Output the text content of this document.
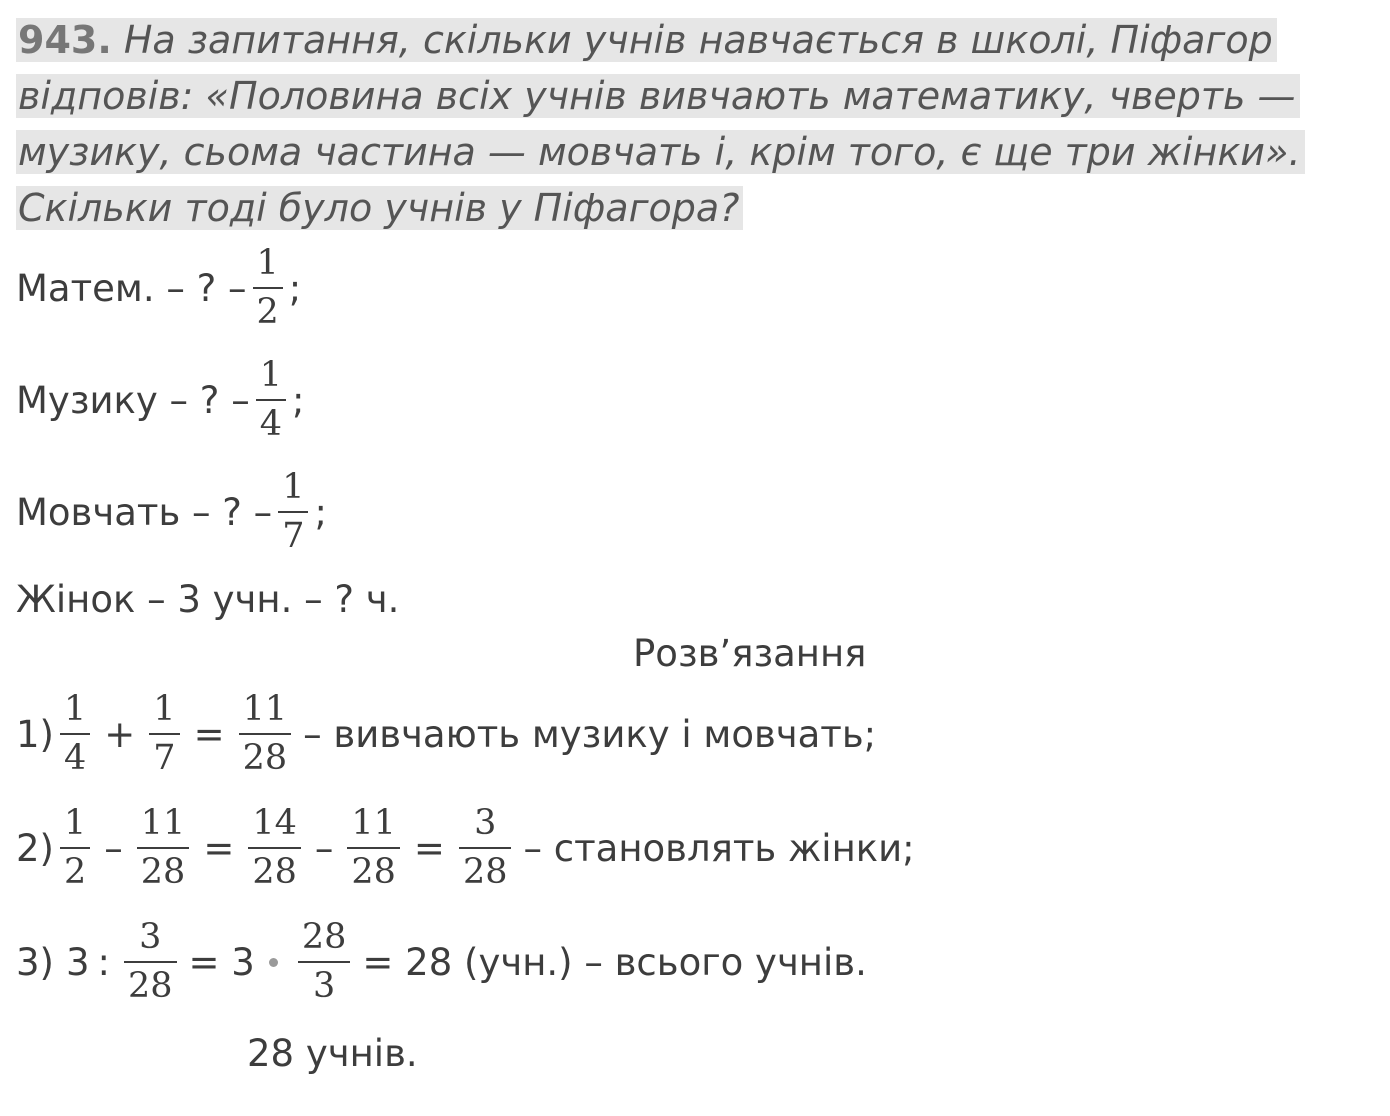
943. На запитання, скільки учнів навчається в школі, Піфагор
відповів: «Половина всіх учнів вивчають математику, чверть —
музику, сьома частина — мовчать і, крім того, є ще три жінки».
Скільки тоді було учнів у Піфагора?
Матем. – ? – $\frac{1}{2}$ ;
Музику – ? – $\frac{1}{4}$ ;
Мовчать – ? – $\frac{1}{7}$ ;
Жінок – 3 учн. – ? ч.
Розв’язання
$1) \frac{1}{4} + \frac{1}{7} = \frac{11}{28}$ – вивчають музику і мовчать;
$2) \frac{1}{2} - \frac{11}{28} = \frac{14}{28} - \frac{11}{28} = \frac{3}{28}$ – становлять жінки;
3) 3 : $\frac{3}{28} = 3 \frac{28}{3} = 28$ (учн.) – всього учнів.
28 учнів.
